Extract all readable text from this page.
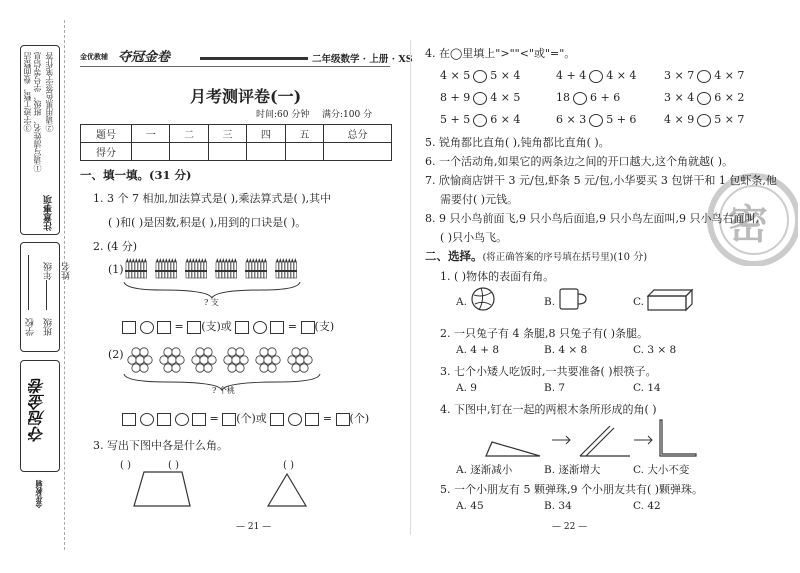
注意事项
①请写清姓名、班级、学号等信息 ②请用黑色签字笔作答
③字迹工整，卷面整洁
学校 班级
年级 姓名
夺冠金卷
金优教辅
金优教辅 夺冠金卷	二年级数学 · 上册 · XS
月考测评卷(一)
时间:60 分钟 满分:100 分
题号	一	二	三	四	五	总分
得分						
一、填一填。(31 分)
1. 3 个 7 相加,加法算式是( ),乘法算式是( ),其中
( )和( )是因数,积是( ),用到的口诀是( )。
2. (4 分)
(1)
? 支
= (支)或	= (支)
(2)
? 个桃
= (个)或	= (个)
3. 写出下图中各是什么角。
( )	( )	( )
— 21 —	— 22 —
密
4. 在◯里填上">""<"或"="。
4 × 5 5 × 4	4 + 4 4 × 4	3 × 7 4 × 7
8 + 9 4 × 5	18 6 + 6	3 × 4 6 × 2
5 + 5 6 × 4	6 × 3 5 + 6	4 × 9 5 × 7
5. 锐角都比直角( ),钝角都比直角( )。
6. 一个活动角,如果它的两条边之间的开口越大,这个角就越( )。
7. 欣愉商店饼干 3 元/包,虾条 5 元/包,小华要买 3 包饼干和 1 包虾条,他
需要付( )元钱。
8. 9 只小鸟前面飞,9 只小鸟后面追,9 只小鸟左面叫,9 只小鸟右面叫,
( )只小鸟飞。
二、选择。(将正确答案的序号填在括号里)(10 分)
1. ( )物体的表面有角。
A.	B.	C.
2. 一只兔子有 4 条腿,8 只兔子有( )条腿。
A. 4 + 8	B. 4 × 8	C. 3 × 8
3. 七个小矮人吃饭时,一共要准备( )根筷子。
A. 9	B. 7	C. 14
4. 下图中,钉在一起的两根木条所形成的角( )
A. 逐渐减小	B. 逐渐增大	C. 大小不变
5. 一个小朋友有 5 颗弹珠,9 个小朋友共有( )颗弹珠。
A. 45	B. 34	C. 42
